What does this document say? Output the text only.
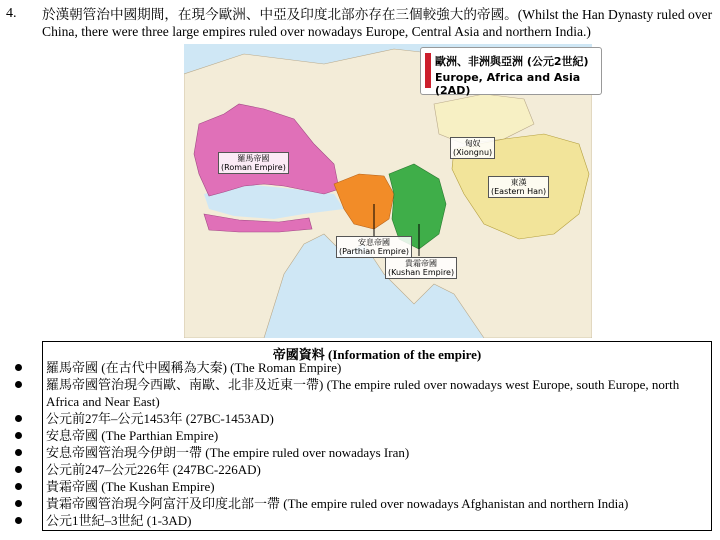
4. 於漢朝管治中國期間，在現今歐洲、中亞及印度北部亦存在三個較強大的帝國。(Whilst the Han Dynasty ruled over China, there were three large empires ruled over nowadays Europe, Central Asia and northern India.)
歐洲、非洲與亞洲 (公元2世紀)
Europe, Africa and Asia (2AD)
羅馬帝國
(Roman Empire)
匈奴
(Xiongnu)
東漢
(Eastern Han)
安息帝國
(Parthian Empire)
貴霜帝國
(Kushan Empire)
帝國資料 (Information of the empire)
羅馬帝國 (在古代中國稱為大秦) (The Roman Empire)
羅馬帝國管治現今西歐、南歐、北非及近東一帶) (The empire ruled over nowadays west Europe, south Europe, north Africa and Near East)
公元前27年–公元1453年 (27BC-1453AD)
安息帝國 (The Parthian Empire)
安息帝國管治現今伊朗一帶 (The empire ruled over nowadays Iran)
公元前247–公元226年 (247BC-226AD)
貴霜帝國 (The Kushan Empire)
貴霜帝國管治現今阿富汗及印度北部一帶 (The empire ruled over nowadays Afghanistan and northern India)
公元1世紀–3世紀 (1-3AD)
